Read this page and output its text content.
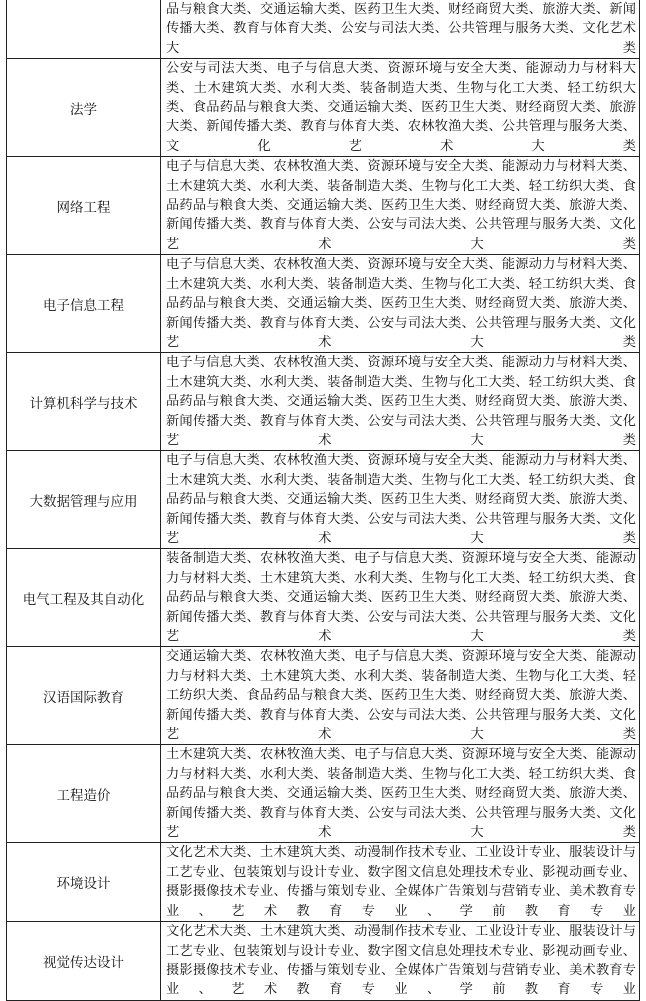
	品与粮食大类、交通运输大类、医药卫生大类、财经商贸大类、旅游大类、新闻传播大类、教育与体育大类、公安与司法大类、公共管理与服务大类、文化艺术大类
法学	公安与司法大类、电子与信息大类、资源环境与安全大类、能源动力与材料大类、土木建筑大类、水利大类、装备制造大类、生物与化工大类、轻工纺织大类、食品药品与粮食大类、交通运输大类、医药卫生大类、财经商贸大类、旅游大类、新闻传播大类、教育与体育大类、农林牧渔大类、公共管理与服务大类、文化艺术大类
网络工程	电子与信息大类、农林牧渔大类、资源环境与安全大类、能源动力与材料大类、土木建筑大类、水利大类、装备制造大类、生物与化工大类、轻工纺织大类、食品药品与粮食大类、交通运输大类、医药卫生大类、财经商贸大类、旅游大类、新闻传播大类、教育与体育大类、公安与司法大类、公共管理与服务大类、文化艺术大类
电子信息工程	电子与信息大类、农林牧渔大类、资源环境与安全大类、能源动力与材料大类、土木建筑大类、水利大类、装备制造大类、生物与化工大类、轻工纺织大类、食品药品与粮食大类、交通运输大类、医药卫生大类、财经商贸大类、旅游大类、新闻传播大类、教育与体育大类、公安与司法大类、公共管理与服务大类、文化艺术大类
计算机科学与技术	电子与信息大类、农林牧渔大类、资源环境与安全大类、能源动力与材料大类、土木建筑大类、水利大类、装备制造大类、生物与化工大类、轻工纺织大类、食品药品与粮食大类、交通运输大类、医药卫生大类、财经商贸大类、旅游大类、新闻传播大类、教育与体育大类、公安与司法大类、公共管理与服务大类、文化艺术大类
大数据管理与应用	电子与信息大类、农林牧渔大类、资源环境与安全大类、能源动力与材料大类、土木建筑大类、水利大类、装备制造大类、生物与化工大类、轻工纺织大类、食品药品与粮食大类、交通运输大类、医药卫生大类、财经商贸大类、旅游大类、新闻传播大类、教育与体育大类、公安与司法大类、公共管理与服务大类、文化艺术大类
电气工程及其自动化	装备制造大类、农林牧渔大类、电子与信息大类、资源环境与安全大类、能源动力与材料大类、土木建筑大类、水利大类、生物与化工大类、轻工纺织大类、食品药品与粮食大类、交通运输大类、医药卫生大类、财经商贸大类、旅游大类、新闻传播大类、教育与体育大类、公安与司法大类、公共管理与服务大类、文化艺术大类
汉语国际教育	交通运输大类、农林牧渔大类、电子与信息大类、资源环境与安全大类、能源动力与材料大类、土木建筑大类、水利大类、装备制造大类、生物与化工大类、轻工纺织大类、食品药品与粮食大类、医药卫生大类、财经商贸大类、旅游大类、新闻传播大类、教育与体育大类、公安与司法大类、公共管理与服务大类、文化艺术大类
工程造价	土木建筑大类、农林牧渔大类、电子与信息大类、资源环境与安全大类、能源动力与材料大类、水利大类、装备制造大类、生物与化工大类、轻工纺织大类、食品药品与粮食大类、交通运输大类、医药卫生大类、财经商贸大类、旅游大类、新闻传播大类、教育与体育大类、公安与司法大类、公共管理与服务大类、文化艺术大类
环境设计	文化艺术大类、土木建筑大类、动漫制作技术专业、工业设计专业、服装设计与工艺专业、包装策划与设计专业、数字图文信息处理技术专业、影视动画专业、摄影摄像技术专业、传播与策划专业、全媒体广告策划与营销专业、美术教育专业、艺术教育专业、学前教育专业
视觉传达设计	文化艺术大类、土木建筑大类、动漫制作技术专业、工业设计专业、服装设计与工艺专业、包装策划与设计专业、数字图文信息处理技术专业、影视动画专业、摄影摄像技术专业、传播与策划专业、全媒体广告策划与营销专业、美术教育专业、艺术教育专业、学前教育专业
